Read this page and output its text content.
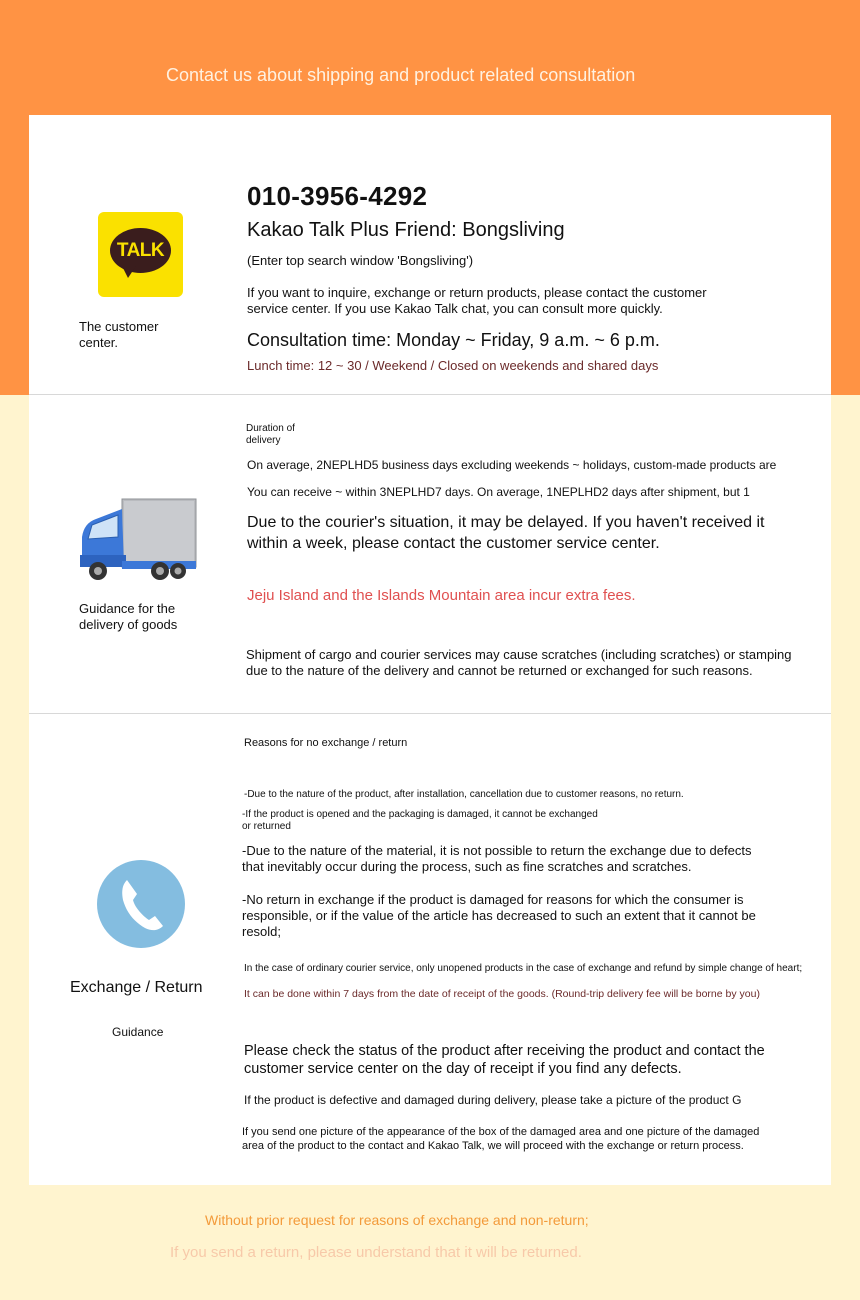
Contact us about shipping and product related consultation
TALK
The customer center.
010-3956-4292
Kakao Talk Plus Friend: Bongsliving
(Enter top search window 'Bongsliving')
If you want to inquire, exchange or return products, please contact the customer service center. If you use Kakao Talk chat, you can consult more quickly.
Consultation time: Monday ~ Friday, 9 a.m. ~ 6 p.m.
Lunch time: 12 ~ 30 / Weekend / Closed on weekends and shared days
Guidance for the delivery of goods
Duration of delivery
On average, 2NEPLHD5 business days excluding weekends ~ holidays, custom-made products are
You can receive ~ within 3NEPLHD7 days. On average, 1NEPLHD2 days after shipment, but 1
Due to the courier's situation, it may be delayed. If you haven't received it within a week, please contact the customer service center.
Jeju Island and the Islands Mountain area incur extra fees.
Shipment of cargo and courier services may cause scratches (including scratches) or stamping due to the nature of the delivery and cannot be returned or exchanged for such reasons.
Exchange / Return
Guidance
Reasons for no exchange / return
-Due to the nature of the product, after installation, cancellation due to customer reasons, no return.
-If the product is opened and the packaging is damaged, it cannot be exchanged or returned
-Due to the nature of the material, it is not possible to return the exchange due to defects that inevitably occur during the process, such as fine scratches and scratches.
-No return in exchange if the product is damaged for reasons for which the consumer is responsible, or if the value of the article has decreased to such an extent that it cannot be resold;
In the case of ordinary courier service, only unopened products in the case of exchange and refund by simple change of heart;
It can be done within 7 days from the date of receipt of the goods. (Round-trip delivery fee will be borne by you)
Please check the status of the product after receiving the product and contact the customer service center on the day of receipt if you find any defects.
If the product is defective and damaged during delivery, please take a picture of the product G
If you send one picture of the appearance of the box of the damaged area and one picture of the damaged area of the product to the contact and Kakao Talk, we will proceed with the exchange or return process.
Without prior request for reasons of exchange and non-return;
If you send a return, please understand that it will be returned.
